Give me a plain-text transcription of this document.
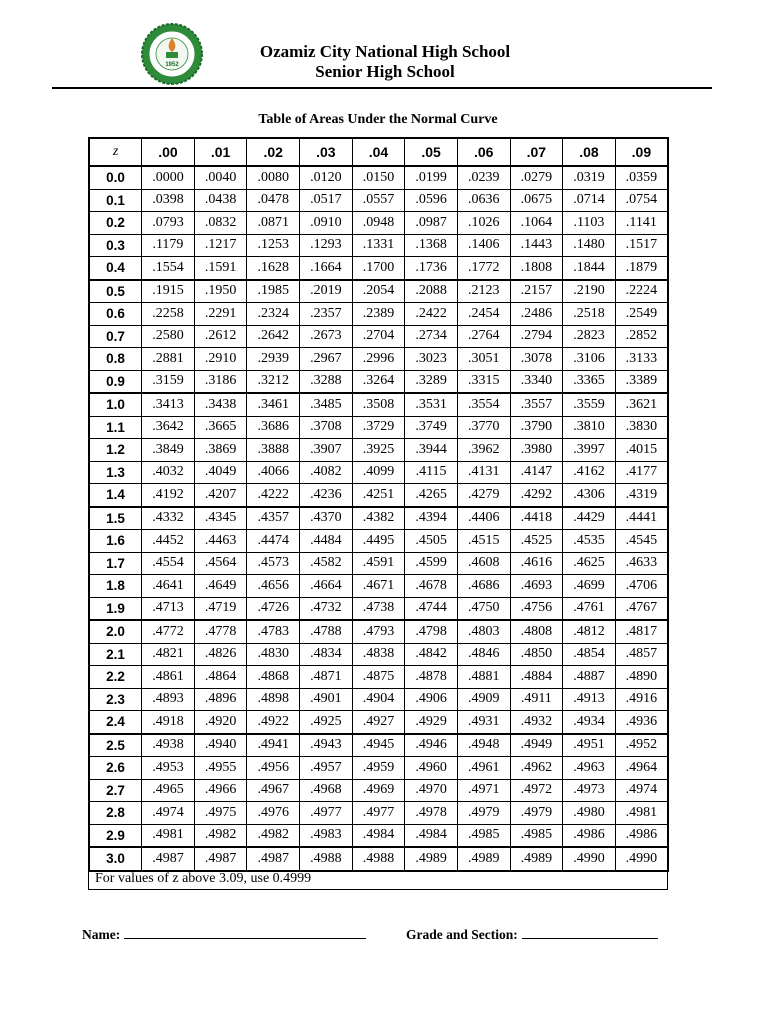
1952
Ozamiz City National High School
Senior High School
Table of Areas Under the Normal Curve
z	.00	.01	.02	.03	.04	.05	.06	.07	.08	.09
0.0	.0000	.0040	.0080	.0120	.0150	.0199	.0239	.0279	.0319	.0359
0.1	.0398	.0438	.0478	.0517	.0557	.0596	.0636	.0675	.0714	.0754
0.2	.0793	.0832	.0871	.0910	.0948	.0987	.1026	.1064	.1103	.1141
0.3	.1179	.1217	.1253	.1293	.1331	.1368	.1406	.1443	.1480	.1517
0.4	.1554	.1591	.1628	.1664	.1700	.1736	.1772	.1808	.1844	.1879
0.5	.1915	.1950	.1985	.2019	.2054	.2088	.2123	.2157	.2190	.2224
0.6	.2258	.2291	.2324	.2357	.2389	.2422	.2454	.2486	.2518	.2549
0.7	.2580	.2612	.2642	.2673	.2704	.2734	.2764	.2794	.2823	.2852
0.8	.2881	.2910	.2939	.2967	.2996	.3023	.3051	.3078	.3106	.3133
0.9	.3159	.3186	.3212	.3288	.3264	.3289	.3315	.3340	.3365	.3389
1.0	.3413	.3438	.3461	.3485	.3508	.3531	.3554	.3557	.3559	.3621
1.1	.3642	.3665	.3686	.3708	.3729	.3749	.3770	.3790	.3810	.3830
1.2	.3849	.3869	.3888	.3907	.3925	.3944	.3962	.3980	.3997	.4015
1.3	.4032	.4049	.4066	.4082	.4099	.4115	.4131	.4147	.4162	.4177
1.4	.4192	.4207	.4222	.4236	.4251	.4265	.4279	.4292	.4306	.4319
1.5	.4332	.4345	.4357	.4370	.4382	.4394	.4406	.4418	.4429	.4441
1.6	.4452	.4463	.4474	.4484	.4495	.4505	.4515	.4525	.4535	.4545
1.7	.4554	.4564	.4573	.4582	.4591	.4599	.4608	.4616	.4625	.4633
1.8	.4641	.4649	.4656	.4664	.4671	.4678	.4686	.4693	.4699	.4706
1.9	.4713	.4719	.4726	.4732	.4738	.4744	.4750	.4756	.4761	.4767
2.0	.4772	.4778	.4783	.4788	.4793	.4798	.4803	.4808	.4812	.4817
2.1	.4821	.4826	.4830	.4834	.4838	.4842	.4846	.4850	.4854	.4857
2.2	.4861	.4864	.4868	.4871	.4875	.4878	.4881	.4884	.4887	.4890
2.3	.4893	.4896	.4898	.4901	.4904	.4906	.4909	.4911	.4913	.4916
2.4	.4918	.4920	.4922	.4925	.4927	.4929	.4931	.4932	.4934	.4936
2.5	.4938	.4940	.4941	.4943	.4945	.4946	.4948	.4949	.4951	.4952
2.6	.4953	.4955	.4956	.4957	.4959	.4960	.4961	.4962	.4963	.4964
2.7	.4965	.4966	.4967	.4968	.4969	.4970	.4971	.4972	.4973	.4974
2.8	.4974	.4975	.4976	.4977	.4977	.4978	.4979	.4979	.4980	.4981
2.9	.4981	.4982	.4982	.4983	.4984	.4984	.4985	.4985	.4986	.4986
3.0	.4987	.4987	.4987	.4988	.4988	.4989	.4989	.4989	.4990	.4990
For values of z above 3.09, use 0.4999
Name:	Grade and Section:
